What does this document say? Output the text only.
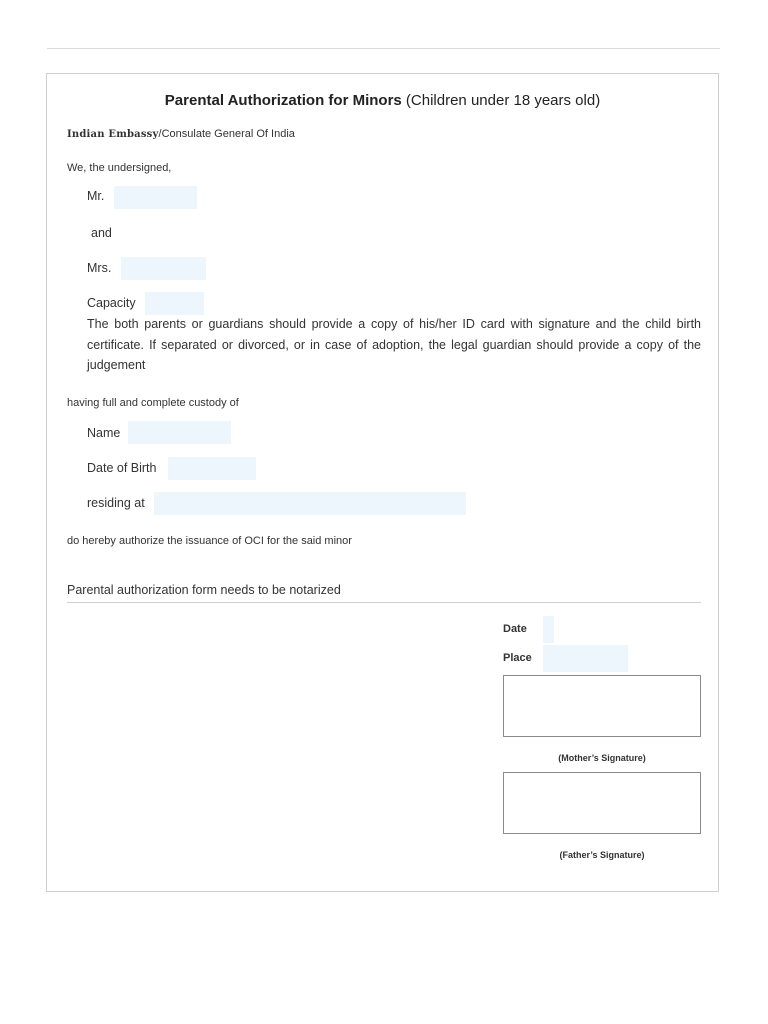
Parental Authorization for Minors (Children under 18 years old)
Indian Embassy/Consulate General Of India
We, the undersigned,
Mr.
and
Mrs.
Capacity
The both parents or guardians should provide a copy of his/her ID card with signature and the child birth certificate. If separated or divorced, or in case of adoption, the legal guardian should provide a copy of the judgement
having full and complete custody of
Name
Date of Birth
residing at
do hereby authorize the issuance of OCI for the said minor
Parental authorization form needs to be notarized
Date
Place
(Mother’s Signature)
(Father’s Signature)
